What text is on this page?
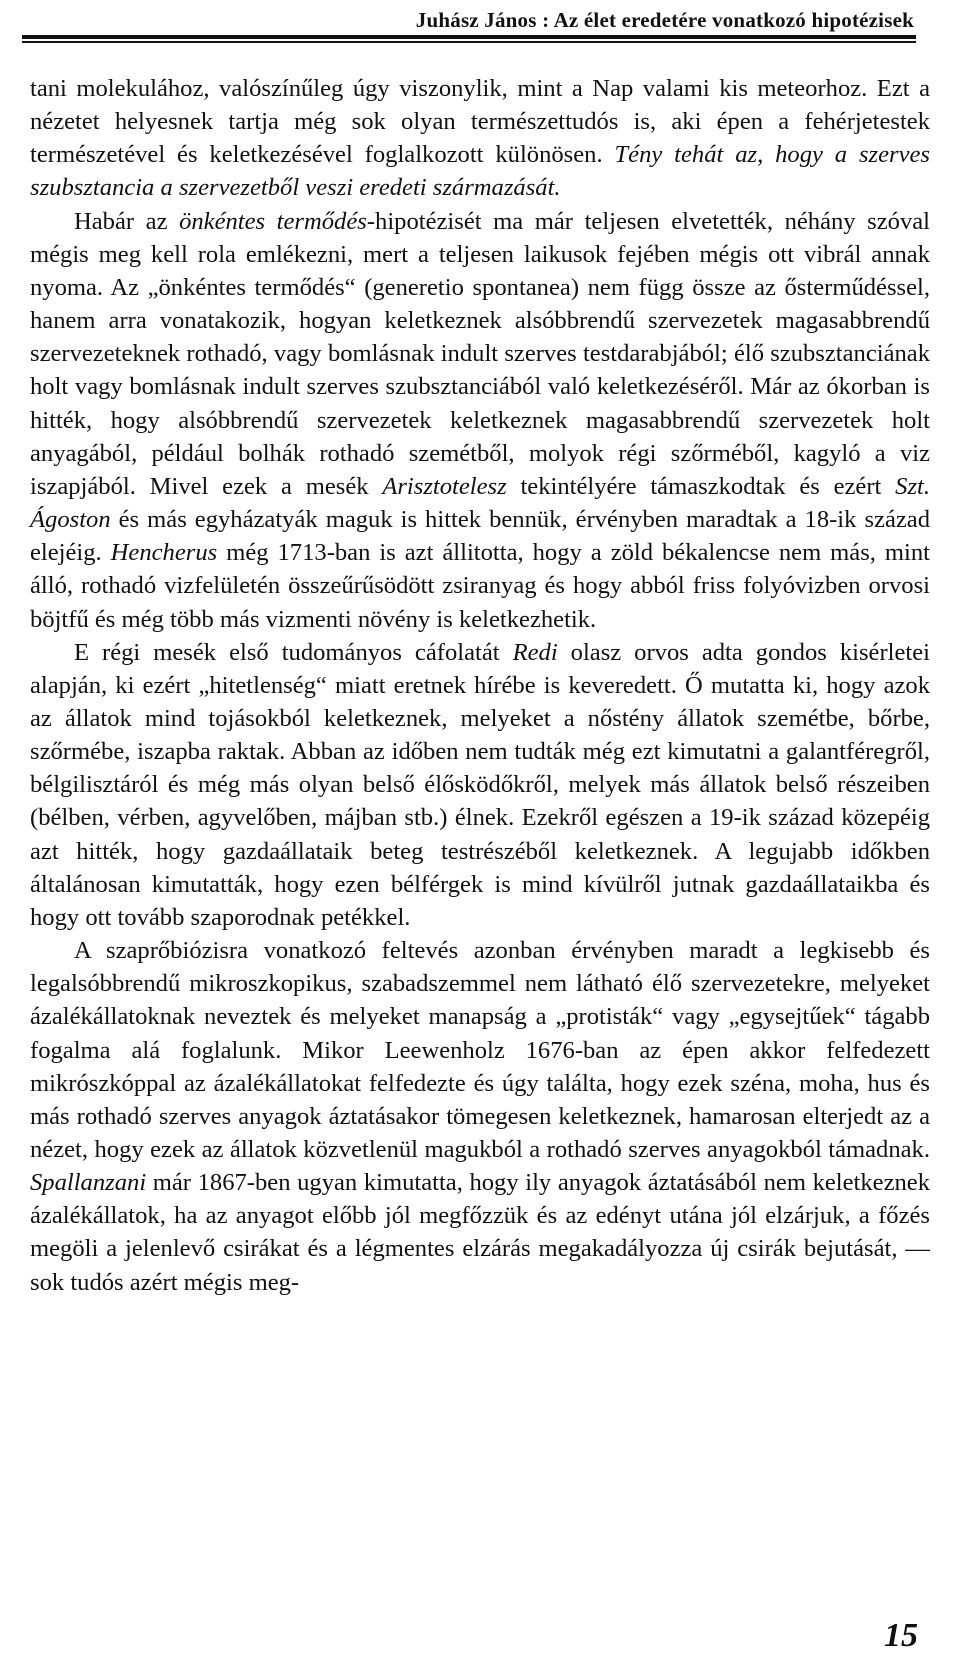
Juhász János : Az élet eredetére vonatkozó hipotézisek

tani molekulához, valószínűleg úgy viszonylik, mint a Nap valami kis meteorhoz. Ezt a nézetet helyesnek tartja még sok olyan természettudós is, aki épen a fehérjetestek természetével és keletkezésével foglalkozott különösen. Tény tehát az, hogy a szerves szubsztancia a szervezetből veszi eredeti származását.

Habár az önkéntes termődés-hipotézisét ma már teljesen elvetették, néhány szóval mégis meg kell rola emlékezni, mert a teljesen laikusok fejében mégis ott vibrál annak nyoma. Az „önkéntes termődés“ (generetio spontanea) nem függ össze az ősterműdéssel, hanem arra vonatakozik, hogyan keletkeznek alsóbbrendű szervezetek magasabbrendű szervezeteknek rothadó, vagy bomlásnak indult szerves testdarabjából; élő szubsztanciának holt vagy bomlásnak indult szerves szubsztanciából való keletkezéséről. Már az ókorban is hitték, hogy alsóbbrendű szervezetek keletkeznek magasabbrendű szervezetek holt anyagából, például bolhák rothadó szemétből, molyok régi szőrméből, kagyló a viz iszapjából. Mivel ezek a mesék Arisztotelesz tekintélyére támaszkodtak és ezért Szt. Ágoston és más egyházatyák maguk is hittek bennük, érvényben maradtak a 18-ik század elejéig. Hencherus még 1713-ban is azt állitotta, hogy a zöld békalencse nem más, mint álló, rothadó vizfelületén összeűrűsödött zsiranyag és hogy abból friss folyóvizben orvosi böjtfű és még több más vizmenti növény is keletkezhetik.

E régi mesék első tudományos cáfolatát Redi olasz orvos adta gondos kisérletei alapján, ki ezért „hitetlenség“ miatt eretnek hírébe is keveredett. Ő mutatta ki, hogy azok az állatok mind tojásokból keletkeznek, melyeket a nőstény állatok szemétbe, bőrbe, szőrmébe, iszapba raktak. Abban az időben nem tudták még ezt kimutatni a galantféregről, bélgilisztáról és még más olyan belső élősködőkről, melyek más állatok belső részeiben (bélben, vérben, agyvelőben, májban stb.) élnek. Ezekről egészen a 19-ik század közepéig azt hitték, hogy gazdaállataik beteg testrészéből keletkeznek. A legujabb időkben általánosan kimutatták, hogy ezen bélférgek is mind kívülről jutnak gazdaállataikba és hogy ott tovább szaporodnak petékkel.

A szaprőbiózisra vonatkozó feltevés azonban érvényben maradt a legkisebb és legalsóbbrendű mikroszkopikus, szabadszemmel nem látható élő szervezetekre, melyeket ázalékállatoknak neveztek és melyeket manapság a „protisták“ vagy „egysejtűek“ tágabb fogalma alá foglalunk. Mikor Leewenholz 1676-ban az épen akkor felfedezett mikrószkóppal az ázalékállatokat felfedezte és úgy találta, hogy ezek széna, moha, hus és más rothadó szerves anyagok áztatásakor tömegesen keletkeznek, hamarosan elterjedt az a nézet, hogy ezek az állatok közvetlenül magukból a rothadó szerves anyagokból támadnak. Spallanzani már 1867-ben ugyan kimutatta, hogy ily anyagok áztatásából nem keletkeznek ázalékállatok, ha az anyagot előbb jól megfőzzük és az edényt utána jól elzárjuk, a főzés megöli a jelenlevő csirákat és a légmentes elzárás megakadályozza új csirák bejutását, — sok tudós azért mégis meg-

15
